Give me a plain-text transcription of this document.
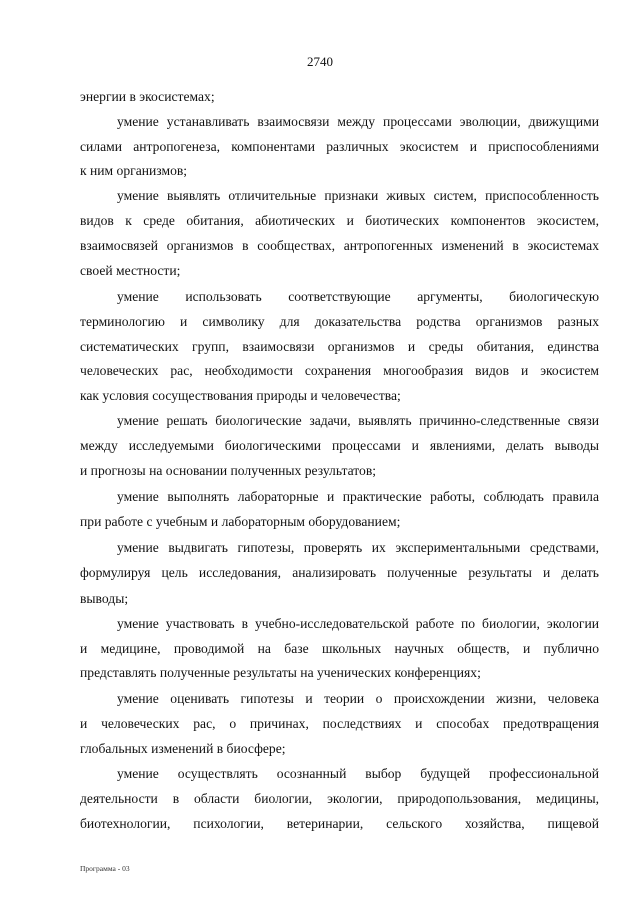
2740
энергии в экосистемах;
умение устанавливать взаимосвязи между процессами эволюции, движущими
силами антропогенеза, компонентами различных экосистем и приспособлениями
к ним организмов;
умение выявлять отличительные признаки живых систем, приспособленность
видов к среде обитания, абиотических и биотических компонентов экосистем,
взаимосвязей организмов в сообществах, антропогенных изменений в экосистемах
своей местности;
умение использовать соответствующие аргументы, биологическую
терминологию и символику для доказательства родства организмов разных
систематических групп, взаимосвязи организмов и среды обитания, единства
человеческих рас, необходимости сохранения многообразия видов и экосистем
как условия сосуществования природы и человечества;
умение решать биологические задачи, выявлять причинно-следственные связи
между исследуемыми биологическими процессами и явлениями, делать выводы
и прогнозы на основании полученных результатов;
умение выполнять лабораторные и практические работы, соблюдать правила
при работе с учебным и лабораторным оборудованием;
умение выдвигать гипотезы, проверять их экспериментальными средствами,
формулируя цель исследования, анализировать полученные результаты и делать
выводы;
умение участвовать в учебно-исследовательской работе по биологии, экологии
и медицине, проводимой на базе школьных научных обществ, и публично
представлять полученные результаты на ученических конференциях;
умение оценивать гипотезы и теории о происхождении жизни, человека
и человеческих рас, о причинах, последствиях и способах предотвращения
глобальных изменений в биосфере;
умение осуществлять осознанный выбор будущей профессиональной
деятельности в области биологии, экологии, природопользования, медицины,
биотехнологии, психологии, ветеринарии, сельского хозяйства, пищевой
Программа - 03
